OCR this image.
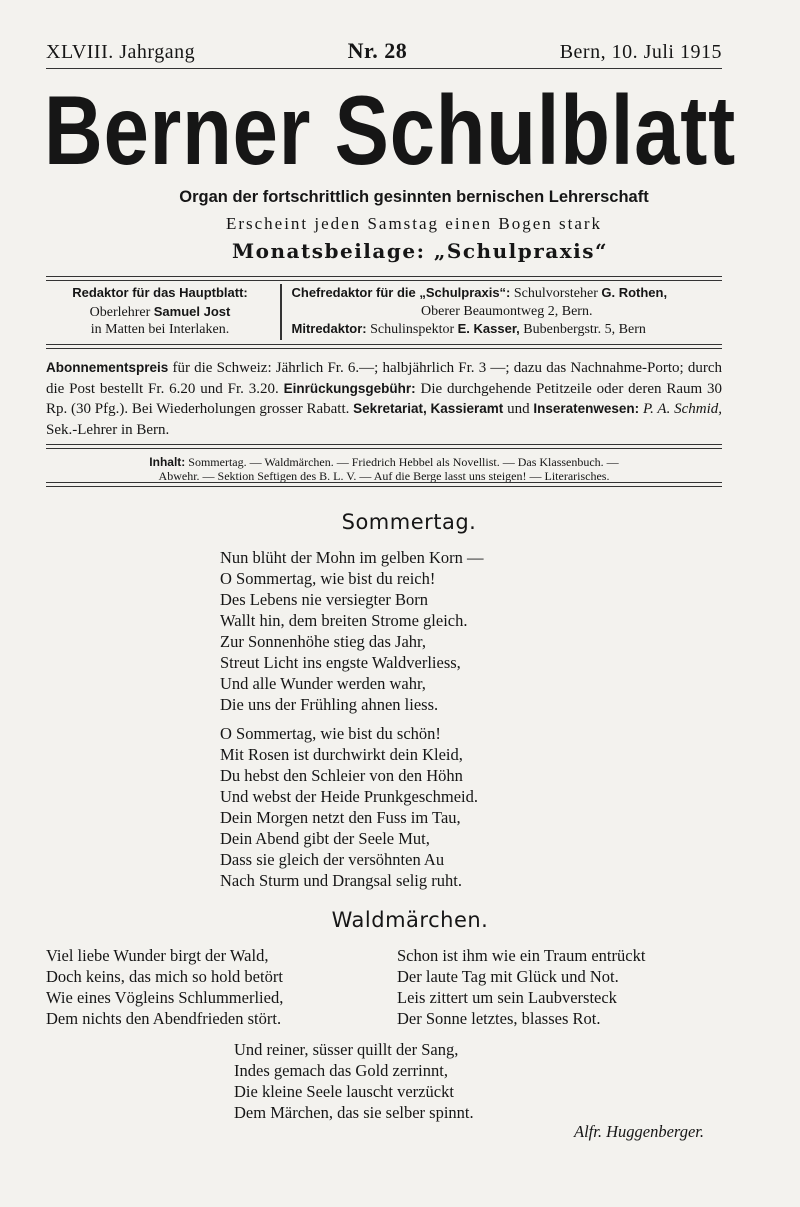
XLVIII. Jahrgang	Nr. 28	Bern, 10. Juli 1915
Berner Schulblatt
Organ der fortschrittlich gesinnten bernischen Lehrerschaft
Erscheint jeden Samstag einen Bogen stark
Monatsbeilage: „Schulpraxis“
Redaktor für das Hauptblatt:
Oberlehrer Samuel Jost
in Matten bei Interlaken.
Chefredaktor für die „Schulpraxis“: Schulvorsteher G. Rothen,
Oberer Beaumontweg 2, Bern.
Mitredaktor: Schulinspektor E. Kasser, Bubenbergstr. 5, Bern
Abonnementspreis für die Schweiz: Jährlich Fr. 6.—; halbjährlich Fr. 3 —; dazu das Nachnahme-Porto; durch die Post bestellt Fr. 6.20 und Fr. 3.20. Einrückungsgebühr: Die durchgehende Petitzeile oder deren Raum 30 Rp. (30 Pfg.). Bei Wiederholungen grosser Rabatt. Sekretariat, Kassieramt und Inseratenwesen: P. A. Schmid, Sek.-Lehrer in Bern.
Inhalt: Sommertag. — Waldmärchen. — Friedrich Hebbel als Novellist. — Das Klassenbuch. —
Abwehr. — Sektion Seftigen des B. L. V. — Auf die Berge lasst uns steigen! — Literarisches.
Sommertag.
Nun blüht der Mohn im gelben Korn —
O Sommertag, wie bist du reich!
Des Lebens nie versiegter Born
Wallt hin, dem breiten Strome gleich.
Zur Sonnenhöhe stieg das Jahr,
Streut Licht ins engste Waldverliess,
Und alle Wunder werden wahr,
Die uns der Frühling ahnen liess.
O Sommertag, wie bist du schön!
Mit Rosen ist durchwirkt dein Kleid,
Du hebst den Schleier von den Höhn
Und webst der Heide Prunkgeschmeid.
Dein Morgen netzt den Fuss im Tau,
Dein Abend gibt der Seele Mut,
Dass sie gleich der versöhnten Au
Nach Sturm und Drangsal selig ruht.
Waldmärchen.
Viel liebe Wunder birgt der Wald,
Doch keins, das mich so hold betört
Wie eines Vögleins Schlummerlied,
Dem nichts den Abendfrieden stört.
Schon ist ihm wie ein Traum entrückt
Der laute Tag mit Glück und Not.
Leis zittert um sein Laubversteck
Der Sonne letztes, blasses Rot.
Und reiner, süsser quillt der Sang,
Indes gemach das Gold zerrinnt,
Die kleine Seele lauscht verzückt
Dem Märchen, das sie selber spinnt.
Alfr. Huggenberger.
